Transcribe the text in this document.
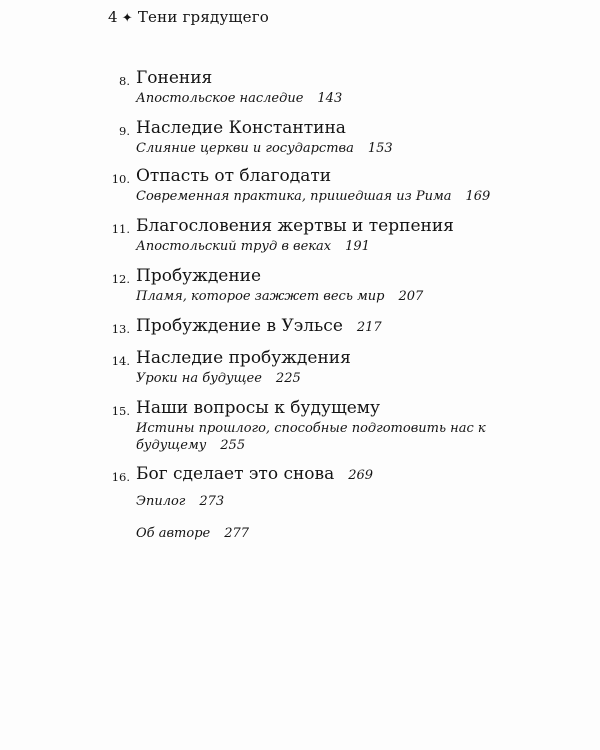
4 ✦ Тени грядущего
8. Гонения
Апостольское наследие 143
9. Наследие Константина
Слияние церкви и государства 153
10. Отпасть от благодати
Современная практика, пришедшая из Рима 169
11. Благословения жертвы и терпения
Апостольский труд в веках 191
12. Пробуждение
Пламя, которое зажжет весь мир 207
13. Пробуждение в Уэльсе 217
14. Наследие пробуждения
Уроки на будущее 225
15. Наши вопросы к будущему
Истины прошлого, способные подготовить нас к
будущему 255
16. Бог сделает это снова 269
Эпилог 273
Об авторе 277
